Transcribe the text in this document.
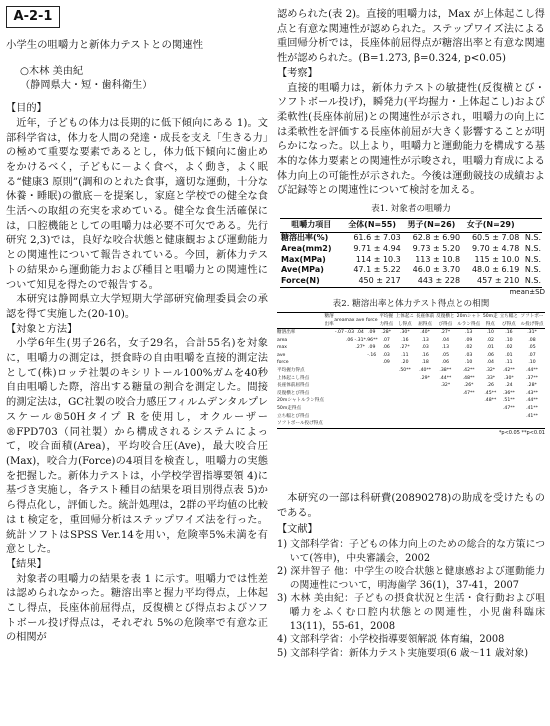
A-2-1
小学生の咀嚼力と新体力テストとの関連性
○木林 美由紀
（静岡県大・短・歯科衛生）
【目的】

近年，子どもの体力は長期的に低下傾向にある 1)。文部科学省は，体力を人間の発達・成長を支え「生きる力」の極めて重要な要素であるとし，体力低下傾向に歯止めをかけるべく，子どもに－よく食べ，よく動き，よく眠る“健康3 原則”(調和のとれた食事，適切な運動，十分な休養・睡眠)の徹底－を提案し，家庭と学校での健全な食生活への取組の充実を求めている。健全な食生活確保には，口腔機能としての咀嚼力は必要不可欠である。先行研究 2,3)では，良好な咬合状態と健康観および運動能力との関連性について報告されている。今回，新体力テストの結果から運動能力および種目と咀嚼力との関連性について知見を得たので報告する。

本研究は静岡県立大学短期大学部研究倫理委員会の承認を得て実施した(20-10)。

【対象と方法】

小学6年生(男子26名，女子29名，合計55名)を対象に，咀嚼力の測定は，摂食時の自由咀嚼を直接的測定法として(株)ロッテ社製のキシリトール100%ガムを40秒自由咀嚼した際，溶出する糖量の割合を測定した。間接的測定法は，GC社製の咬合力感圧フィルムデンタルプレスケール®50Hタイプ R を使用し，オクルーザー®FPD703（同社製）から構成されるシステムによって，咬合面積(Area)，平均咬合圧(Ave)，最大咬合圧(Max)，咬合力(Force)の4項目を検査し，咀嚼力の実態を把握した。新体力テストは，小学校学習指導要領 4)に基づき実施し，各テスト種目の結果を項目別得点表 5)から得点化し，評価した。統計処理は，2群の平均値の比較は t 検定を，重回帰分析はステップワイズ法を行った。統計ソフトはSPSS Ver.14を用い，危険率5%未満を有意とした。

【結果】

対象者の咀嚼力の結果を表 1 に示す。咀嚼力では性差は認められなかった。糖溶出率と握力平均得点，上体起こし得点，長座体前屈得点，反復横とび得点およびソフトボール投げ得点は，それぞれ 5%の危険率で有意な正の相関が

認められた(表 2)。直接的咀嚼力は，Max が上体起こし得点と有意な関連性が認められた。ステップワイズ法による重回帰分析では，長座体前屈得点が糖溶出率と有意な関連性が認められた。(B=1.273, β=0.324, p<0.05)

【考察】

直接的咀嚼力は，新体力テストの敏捷性(反復横とび・ソフトボール投げ)，瞬発力(平均握力・上体起こし)および柔軟性(長座体前屈)との関連性が示され，咀嚼力の向上には柔軟性を評価する長座体前屈が大きく影響することが明らかになった。以上より，咀嚼力と運動能力を構成する基本的な体力要素との関連性が示唆され，咀嚼力育成による体力向上の可能性が示された。今後は運動競技の成績および記録等との関連性について検討を加える。

表1. 対象者の咀嚼力
咀嚼力項目	全体(N=55)	男子(N=26)	女子(N=29)	
糖溶出率(%)	61.6 ± 7.03	62.8 ± 6.90	60.5 ± 7.08	N.S.
Area(mm2)	9.71 ± 4.94	9.73 ± 5.20	9.70 ± 4.78	N.S.
Max(MPa)	114 ± 10.3	113 ± 10.8	115 ± 10.0	N.S.
Ave(MPa)	47.1 ± 5.22	46.0 ± 3.70	48.0 ± 6.19	N.S.
Force(N)	450 ± 217	443 ± 228	457 ± 210	N.S.
mean±SD
表2. 糖溶出率と体力テスト得点との相関
	糖溶出率	area	max	ave	force	平均握力得点	上体起こし得点	長座体前屈得点	反復横とび得点	20mシャトルラン得点	50m走得点	立ち幅とび得点	ソフトボール投げ得点
糖溶出率		-.07	-.03	.04	.09	.28*	.30*	.40*	.27*	.13	.10	.16	.31*
area			.06	-.31*	.96**	.07	.16	.13	.04	.09	.02	.10	.08
max				.27*	.09	.06	.27*	.03	.13	.02	.01	.02	.05
ave					-.16	.03	.11	.16	.05	.03	.06	.01	.07
force						.09	.20	.18	.06	.10	.04	.11	.10
平均握力得点							.50**	.40**	.38**	.42**	.32*	.42**	.44**
上体起こし得点								.29*	.44**	.48**	.33*	.30*	.37**
長座体前屈得点									.32*	.26*	.26	.24	.28*
反復横とび得点										.47**	.45**	.36**	.43**
20mシャトルラン得点											.48**	.51**	.44**
50m走得点												.47**	.41**
立ち幅とび得点													.41**
ソフトボール投げ得点													
*p<0.05 **p<0.01

本研究の一部は科研費(20890278)の助成を受けたものである。

【文献】

1) 文部科学省：子どもの体力向上のための総合的な方策について(答申)，中央審議会，2002

2) 深井智子 他：中学生の咬合状態と健康感および運動能力の関連性について，明海歯学 36(1)，37-41，2007

3) 木林 美由紀：子どもの摂食状況と生活・食行動および咀嚼力をふくむ口腔内状態との関連性，小児歯科臨床 13(11)，55-61，2008

4) 文部科学省：小学校指導要領解説 体育編，2008

5) 文部科学省：新体力テスト実施要項(6 歳～11 歳対象)
